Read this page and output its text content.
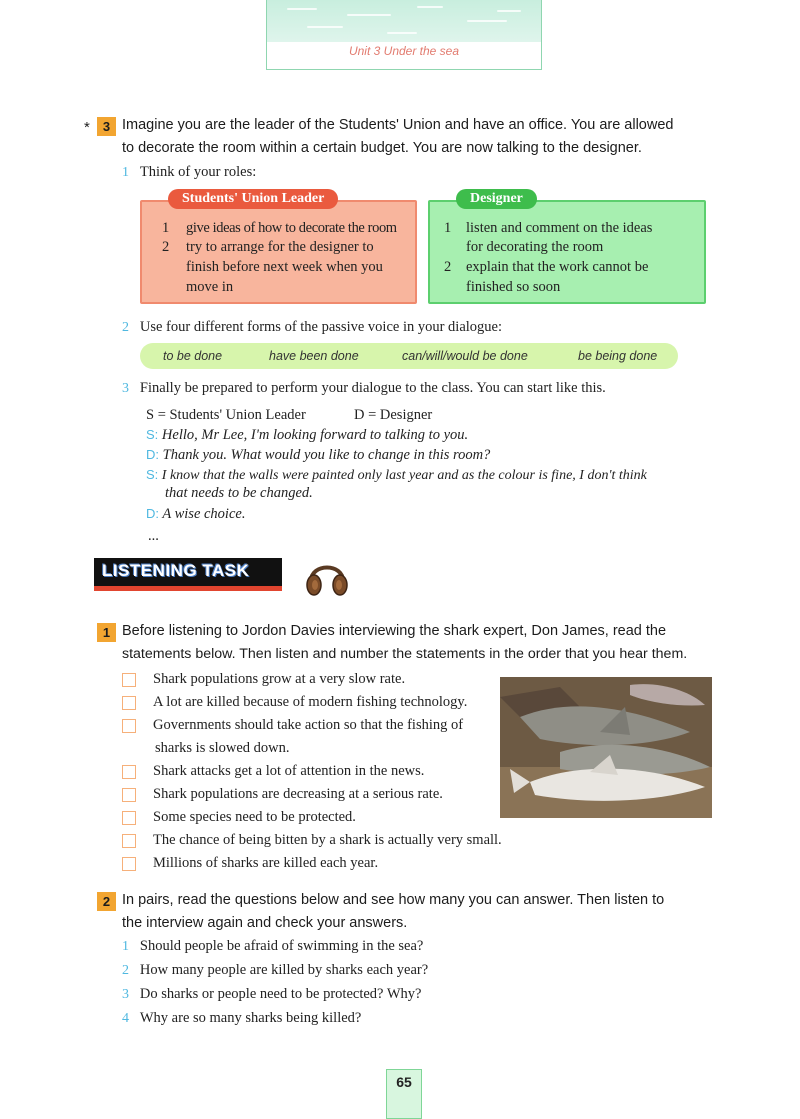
Unit 3 Under the sea
*	3 Imagine you are the leader of the Students' Union and have an office. You are allowed
to decorate the room within a certain budget. You are now talking to the designer.
1 Think of your roles:
Students' Union Leader
1 give ideas of how to decorate the room
2 try to arrange for the designer to
finish before next week when you
move in
Designer
1 listen and comment on the ideas
for decorating the room
2 explain that the work cannot be
finished so soon
2 Use four different forms of the passive voice in your dialogue:
to be done	have been done	can/will/would be done	be being done
3 Finally be prepared to perform your dialogue to the class. You can start like this.
S = Students' Union Leader	D = Designer
S: Hello, Mr Lee, I'm looking forward to talking to you.
D: Thank you. What would you like to change in this room?
S: I know that the walls were painted only last year and as the colour is fine, I don't think
that needs to be changed.
D: A wise choice.
...
LISTENING TASK
1 Before listening to Jordon Davies interviewing the shark expert, Don James, read the
statements below. Then listen and number the statements in the order that you hear them.
Shark populations grow at a very slow rate.
A lot are killed because of modern fishing technology.
Governments should take action so that the fishing of
sharks is slowed down.
Shark attacks get a lot of attention in the news.
Shark populations are decreasing at a serious rate.
Some species need to be protected.
The chance of being bitten by a shark is actually very small.
Millions of sharks are killed each year.
2 In pairs, read the questions below and see how many you can answer. Then listen to
the interview again and check your answers.
1 Should people be afraid of swimming in the sea?
2 How many people are killed by sharks each year?
3 Do sharks or people need to be protected? Why?
4 Why are so many sharks being killed?
65
